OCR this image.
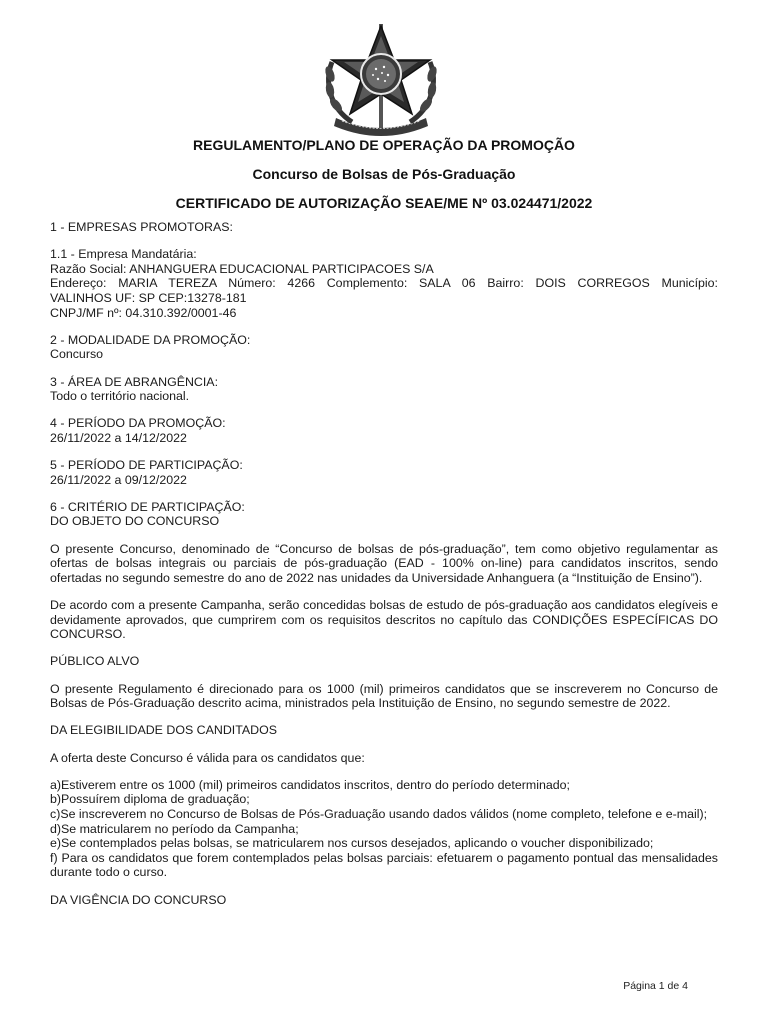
REGULAMENTO/PLANO DE OPERAÇÃO DA PROMOÇÃO
Concurso de Bolsas de Pós-Graduação
CERTIFICADO DE AUTORIZAÇÃO SEAE/ME Nº 03.024471/2022

1 - EMPRESAS PROMOTORAS:

1.1 - Empresa Mandatária:
Razão Social: ANHANGUERA EDUCACIONAL PARTICIPACOES S/A
Endereço: MARIA TEREZA Número: 4266 Complemento: SALA 06 Bairro: DOIS CORREGOS Município:
VALINHOS UF: SP CEP:13278-181
CNPJ/MF nº: 04.310.392/0001-46

2 - MODALIDADE DA PROMOÇÃO:
Concurso

3 - ÁREA DE ABRANGÊNCIA:
Todo o território nacional.

4 - PERÍODO DA PROMOÇÃO:
26/11/2022 a 14/12/2022

5 - PERÍODO DE PARTICIPAÇÃO:
26/11/2022 a 09/12/2022

6 - CRITÉRIO DE PARTICIPAÇÃO:
DO OBJETO DO CONCURSO

O presente Concurso, denominado de “Concurso de bolsas de pós-graduação”, tem como objetivo regulamentar as ofertas de bolsas integrais ou parciais de pós-graduação (EAD - 100% on-line) para candidatos inscritos, sendo ofertadas no segundo semestre do ano de 2022 nas unidades da Universidade Anhanguera (a “Instituição de Ensino”).

De acordo com a presente Campanha, serão concedidas bolsas de estudo de pós-graduação aos candidatos elegíveis e devidamente aprovados, que cumprirem com os requisitos descritos no capítulo das CONDIÇÕES ESPECÍFICAS DO CONCURSO.

PÚBLICO ALVO

O presente Regulamento é direcionado para os 1000 (mil) primeiros candidatos que se inscreverem no Concurso de Bolsas de Pós-Graduação descrito acima, ministrados pela Instituição de Ensino, no segundo semestre de 2022.

DA ELEGIBILIDADE DOS CANDITADOS

A oferta deste Concurso é válida para os candidatos que:

a)Estiverem entre os 1000 (mil) primeiros candidatos inscritos, dentro do período determinado;
b)Possuírem diploma de graduação;
c)Se inscreverem no Concurso de Bolsas de Pós-Graduação usando dados válidos (nome completo, telefone e e-mail);
d)Se matricularem no período da Campanha;
e)Se contemplados pelas bolsas, se matricularem nos cursos desejados, aplicando o voucher disponibilizado;
f) Para os candidatos que forem contemplados pelas bolsas parciais: efetuarem o pagamento pontual das mensalidades durante todo o curso.

DA VIGÊNCIA DO CONCURSO

Página 1 de 4
